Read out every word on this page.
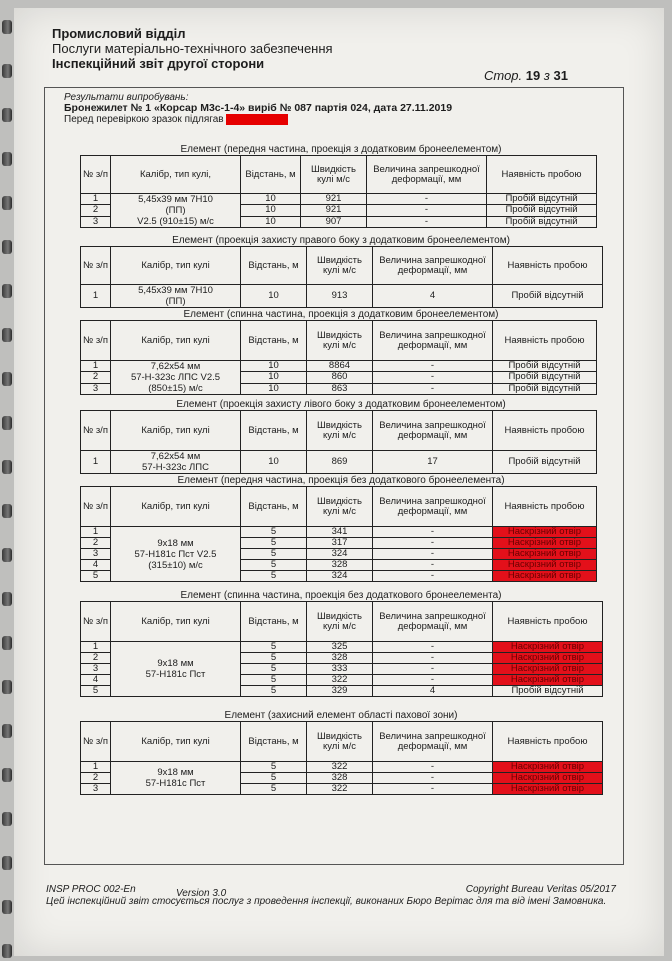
Промисловий відділ
Послуги матеріально-технічного забезпечення
Інспекційний звіт другої сторони
Стор. 19 з 31
Результати випробувань:
Бронежилет № 1 «Корсар М3с-1-4» виріб № 087 партія 024, дата 27.11.2019
Перед перевіркою зразок підлягав замочуванню
Елемент (передня частина, проекція з додатковим бронеелементом)
№ з/п	Калібр, тип кулі,	Відстань, м	Швидкість кулі м/с	Величина запрешкодної деформації, мм	Наявність пробою
1	5,45x39 мм 7Н10
(ПП)
V2.5 (910±15) м/с	10	921	-	Пробій відсутній
2		10	921	-	Пробій відсутній
3		10	907	-	Пробій відсутній
Елемент (проекція захисту правого боку з додатковим бронеелементом)
№ з/п	Калібр, тип кулі	Відстань, м	Швидкість кулі м/с	Величина запрешкодної деформації, мм	Наявність пробою
1	5,45x39 мм 7Н10
(ПП)	10	913	4	Пробій відсутній
Елемент (спинна частина, проекція з додатковим бронеелементом)
№ з/п	Калібр, тип кулі	Відстань, м	Швидкість кулі м/с	Величина запрешкодної деформації, мм	Наявність пробою
1	7,62x54 мм
57-Н-323с ЛПС V2.5
(850±15) м/с	10	8864	-	Пробій відсутній
2		10	860	-	Пробій відсутній
3		10	863	-	Пробій відсутній
Елемент (проекція захисту лівого боку з додатковим бронеелементом)
№ з/п	Калібр, тип кулі	Відстань, м	Швидкість кулі м/с	Величина запрешкодної деформації, мм	Наявність пробою
1	7,62x54 мм
57-Н-323с ЛПС	10	869	17	Пробій відсутній
Елемент (передня частина, проекція без додаткового бронеелемента)
№ з/п	Калібр, тип кулі	Відстань, м	Швидкість кулі м/с	Величина запрешкодної деформації, мм	Наявність пробою
1	9x18 мм
57-Н181с Пст V2.5
(315±10) м/с	5	341	-	Наскрізний отвір
2		5	317	-	Наскрізний отвір
3		5	324	-	Наскрізний отвір
4		5	328	-	Наскрізний отвір
5		5	324	-	Наскрізний отвір
Елемент (спинна частина, проекція без додаткового бронеелемента)
№ з/п	Калібр, тип кулі	Відстань, м	Швидкість кулі м/с	Величина запрешкодної деформації, мм	Наявність пробою
1	9x18 мм
57-Н181с Пст	5	325	-	Наскрізний отвір
2		5	328	-	Наскрізний отвір
3		5	333	-	Наскрізний отвір
4		5	322	-	Наскрізний отвір
5		5	329	4	Пробій відсутній
Елемент (захисний елемент області пахової зони)
№ з/п	Калібр, тип кулі	Відстань, м	Швидкість кулі м/с	Величина запрешкодної деформації, мм	Наявність пробою
1	9x18 мм
57-Н181с Пст	5	322	-	Наскрізний отвір
2		5	328	-	Наскрізний отвір
3		5	322	-	Наскрізний отвір
INSP PROC 002-En	Version 3.0	Copyright Bureau Veritas 05/2017
Цей інспекційний звіт стосується послуг з проведення інспекції, виконаних Бюро Верітас для та від імені Замовника.
